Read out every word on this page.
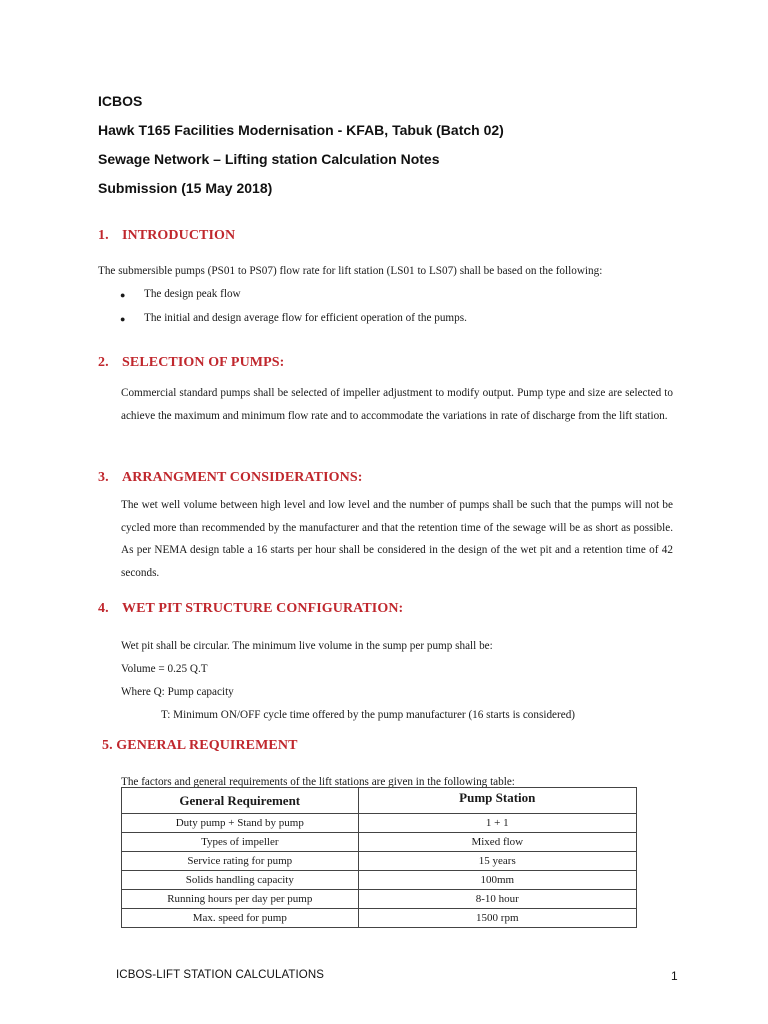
ICBOS

Hawk T165 Facilities Modernisation - KFAB, Tabuk (Batch 02)

Sewage Network – Lifting station Calculation Notes

Submission (15 May 2018)

1. INTRODUCTION

The submersible pumps (PS01 to PS07) flow rate for lift station (LS01 to LS07) shall be based on the following:

● The design peak flow
● The initial and design average flow for efficient operation of the pumps.

2. SELECTION OF PUMPS:

Commercial standard pumps shall be selected of impeller adjustment to modify output. Pump type and size are selected to achieve the maximum and minimum flow rate and to accommodate the variations in rate of discharge from the lift station.

3. ARRANGMENT CONSIDERATIONS:

The wet well volume between high level and low level and the number of pumps shall be such that the pumps will not be cycled more than recommended by the manufacturer and that the retention time of the sewage will be as short as possible. As per NEMA design table a 16 starts per hour shall be considered in the design of the wet pit and a retention time of 42 seconds.

4. WET PIT STRUCTURE CONFIGURATION:

Wet pit shall be circular. The minimum live volume in the sump per pump shall be:

Volume = 0.25 Q.T

Where Q: Pump capacity

T: Minimum ON/OFF cycle time offered by the pump manufacturer (16 starts is considered)

5. GENERAL REQUIREMENT

The factors and general requirements of the lift stations are given in the following table:

General Requirement	Pump Station

Duty pump + Stand by pump	1 + 1
Types of impeller	Mixed flow
Service rating for pump	15 years
Solids handling capacity	100mm
Running hours per day per pump	8-10 hour
Max. speed for pump	1500 rpm
ICBOS-LIFT STATION CALCULATIONS	1
